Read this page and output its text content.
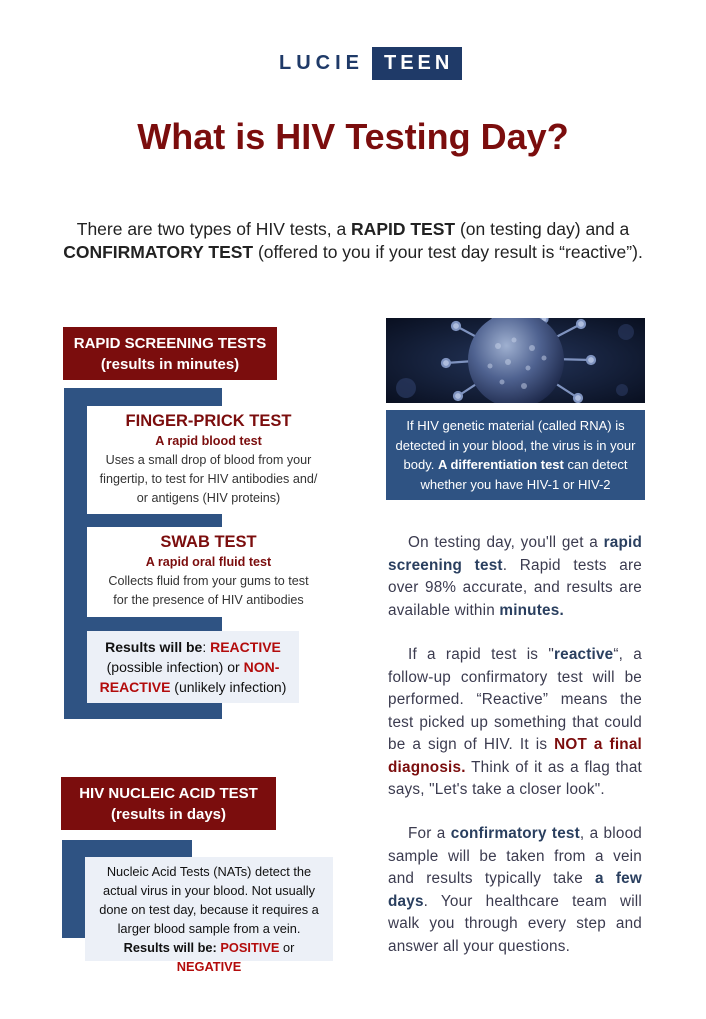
LUCIE	TEEN
What is HIV Testing Day?
There are two types of HIV tests, a RAPID TEST (on testing day) and a
CONFIRMATORY TEST (offered to you if your test day result is “reactive”).
RAPID SCREENING TESTS
(results in minutes)
FINGER-PRICK TEST
A rapid blood test
Uses a small drop of blood from your fingertip, to test for HIV antibodies and/ or antigens (HIV proteins)
SWAB TEST
A rapid oral fluid test
Collects fluid from your gums to test for the presence of HIV antibodies
Results will be: REACTIVE
(possible infection) or NON-REACTIVE (unlikely infection)
HIV NUCLEIC ACID TEST
(results in days)
Nucleic Acid Tests (NATs) detect the actual virus in your blood. Not usually done on test day, because it requires a larger blood sample from a vein.
Results will be: POSITIVE or NEGATIVE
If HIV genetic material (called RNA) is detected in your blood, the virus is in your body. A differentiation test can detect whether you have HIV-1 or HIV-2
On testing day, you'll get a rapid screening test. Rapid tests are over 98% accurate, and results are available within minutes.
If a rapid test is "reactive“, a follow-up confirmatory test will be performed. “Reactive” means the test picked up something that could be a sign of HIV. It is NOT a final diagnosis. Think of it as a flag that says, "Let's take a closer look".
For a confirmatory test, a blood sample will be taken from a vein and results typically take a few days. Your healthcare team will walk you through every step and answer all your questions.
